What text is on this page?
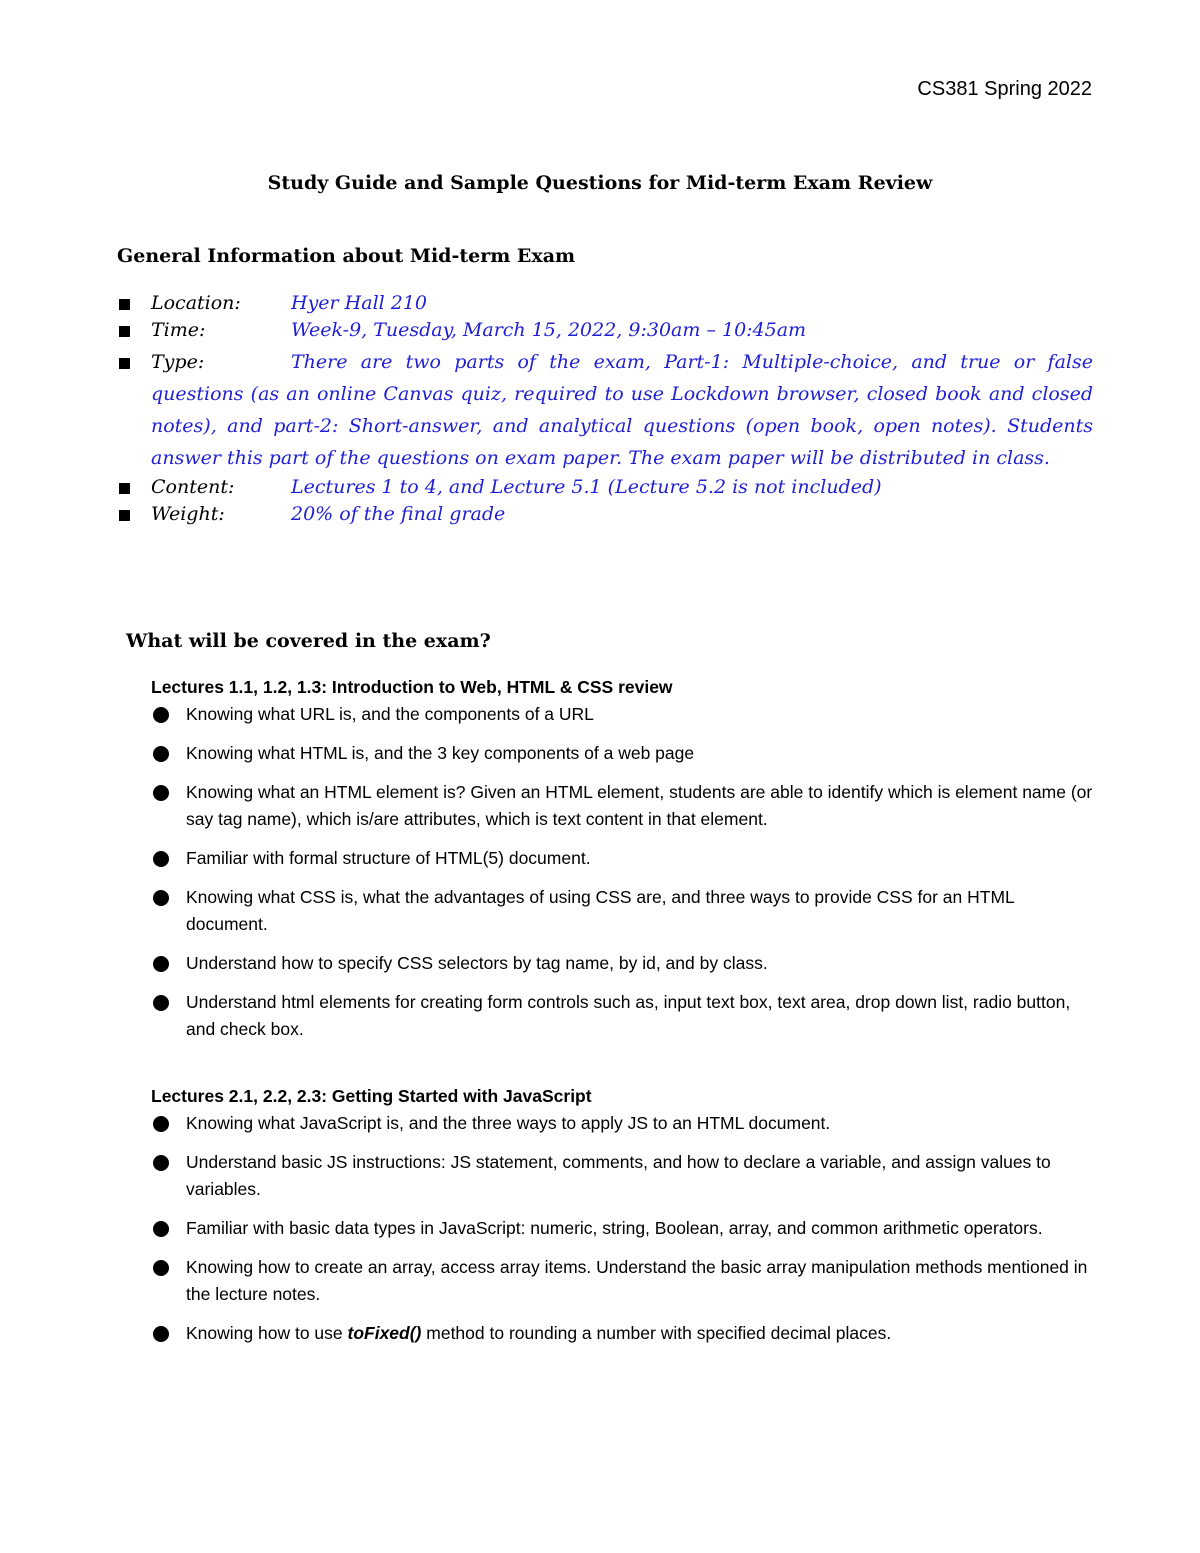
CS381 Spring 2022
Study Guide and Sample Questions for Mid-term Exam Review
General Information about Mid-term Exam
Location:	Hyer Hall 210
Time:	Week-9, Tuesday, March 15, 2022, 9:30am – 10:45am
Type:	There are two parts of the exam, Part-1: Multiple-choice, and true or false questions (as an online Canvas quiz, required to use Lockdown browser, closed book and closed notes), and part-2: Short-answer, and analytical questions (open book, open notes). Students answer this part of the questions on exam paper. The exam paper will be distributed in class.
Content:	Lectures 1 to 4, and Lecture 5.1 (Lecture 5.2 is not included)
Weight:	20% of the final grade
What will be covered in the exam?
Lectures 1.1, 1.2, 1.3: Introduction to Web, HTML & CSS review
Knowing what URL is, and the components of a URL
Knowing what HTML is, and the 3 key components of a web page
Knowing what an HTML element is? Given an HTML element, students are able to identify which is element name (or say tag name), which is/are attributes, which is text content in that element.
Familiar with formal structure of HTML(5) document.
Knowing what CSS is, what the advantages of using CSS are, and three ways to provide CSS for an HTML document.
Understand how to specify CSS selectors by tag name, by id, and by class.
Understand html elements for creating form controls such as, input text box, text area, drop down list, radio button, and check box.
Lectures 2.1, 2.2, 2.3: Getting Started with JavaScript
Knowing what JavaScript is, and the three ways to apply JS to an HTML document.
Understand basic JS instructions: JS statement, comments, and how to declare a variable, and assign values to variables.
Familiar with basic data types in JavaScript: numeric, string, Boolean, array, and common arithmetic operators.
Knowing how to create an array, access array items. Understand the basic array manipulation methods mentioned in the lecture notes.
Knowing how to use toFixed() method to rounding a number with specified decimal places.
